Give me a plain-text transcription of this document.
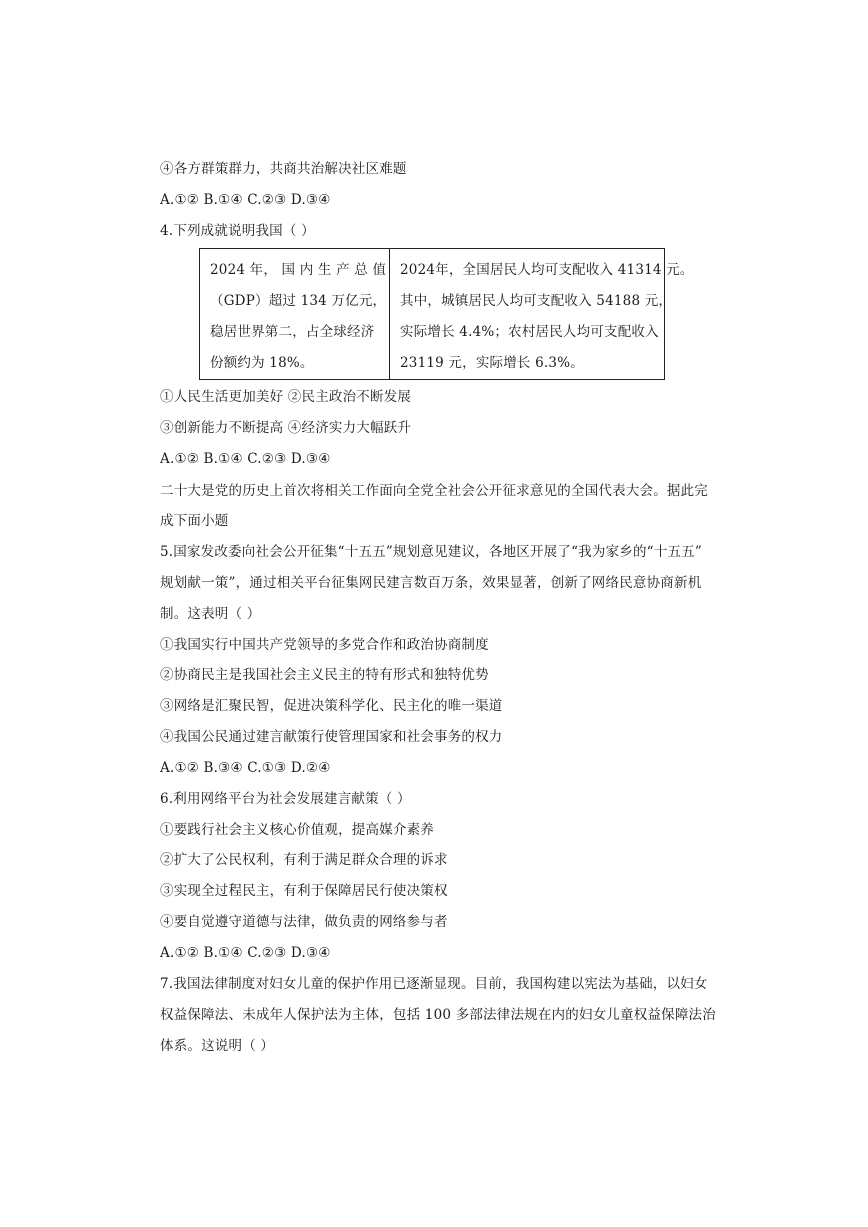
④各方群策群力，共商共治解决社区难题
A.①② B.①④ C.②③ D.③④
4.下列成就说明我国（ ）
2024 年， 国 内 生 产 总 值
（GDP）超过 134 万亿元，
稳居世界第二，占全球经济
份额约为 18%。
2024年，全国居民人均可支配收入 41314 元。
其中，城镇居民人均可支配收入 54188 元，
实际增长 4.4%；农村居民人均可支配收入
23119 元，实际增长 6.3%。
①人民生活更加美好 ②民主政治不断发展
③创新能力不断提高 ④经济实力大幅跃升
A.①② B.①④ C.②③ D.③④
二十大是党的历史上首次将相关工作面向全党全社会公开征求意见的全国代表大会。据此完
成下面小题
5.国家发改委向社会公开征集“十五五”规划意见建议，各地区开展了“我为家乡的“十五五”
规划献一策”，通过相关平台征集网民建言数百万条，效果显著，创新了网络民意协商新机
制。这表明（ ）
①我国实行中国共产党领导的多党合作和政治协商制度
②协商民主是我国社会主义民主的特有形式和独特优势
③网络是汇聚民智，促进决策科学化、民主化的唯一渠道
④我国公民通过建言献策行使管理国家和社会事务的权力
A.①② B.③④ C.①③ D.②④
6.利用网络平台为社会发展建言献策（ ）
①要践行社会主义核心价值观，提高媒介素养
②扩大了公民权利，有利于满足群众合理的诉求
③实现全过程民主，有利于保障居民行使决策权
④要自觉遵守道德与法律，做负责的网络参与者
A.①② B.①④ C.②③ D.③④
7.我国法律制度对妇女儿童的保护作用已逐渐显现。目前，我国构建以宪法为基础，以妇女
权益保障法、未成年人保护法为主体，包括 100 多部法律法规在内的妇女儿童权益保障法治
体系。这说明（ ）
